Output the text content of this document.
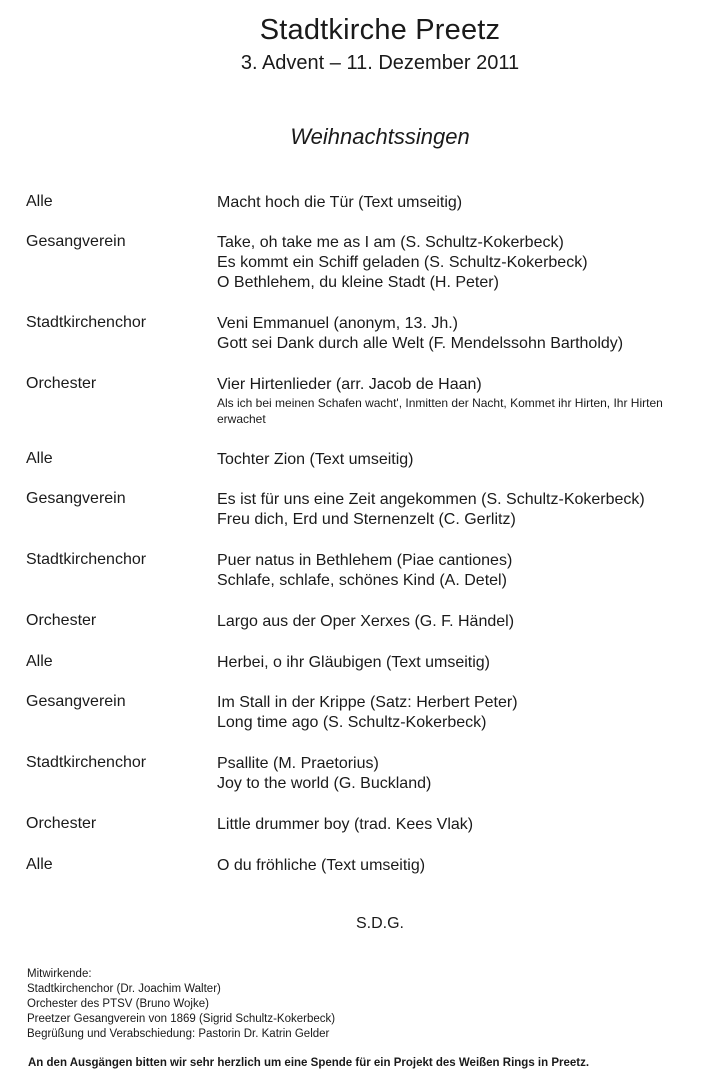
Stadtkirche Preetz
3. Advent – 11. Dezember 2011
Weihnachtssingen
Alle	Macht hoch die Tür (Text umseitig)
Gesangverein	Take, oh take me as I am (S. Schultz-Kokerbeck)
Es kommt ein Schiff geladen (S. Schultz-Kokerbeck)
O Bethlehem, du kleine Stadt (H. Peter)
Stadtkirchenchor	Veni Emmanuel (anonym, 13. Jh.)
Gott sei Dank durch alle Welt (F. Mendelssohn Bartholdy)
Orchester	Vier Hirtenlieder (arr. Jacob de Haan)
Als ich bei meinen Schafen wacht', Inmitten der Nacht, Kommet ihr Hirten, Ihr Hirten erwachet
Alle	Tochter Zion (Text umseitig)
Gesangverein	Es ist für uns eine Zeit angekommen (S. Schultz-Kokerbeck)
Freu dich, Erd und Sternenzelt (C. Gerlitz)
Stadtkirchenchor	Puer natus in Bethlehem (Piae cantiones)
Schlafe, schlafe, schönes Kind (A. Detel)
Orchester	Largo aus der Oper Xerxes (G. F. Händel)
Alle	Herbei, o ihr Gläubigen (Text umseitig)
Gesangverein	Im Stall in der Krippe (Satz: Herbert Peter)
Long time ago (S. Schultz-Kokerbeck)
Stadtkirchenchor	Psallite (M. Praetorius)
Joy to the world (G. Buckland)
Orchester	Little drummer boy (trad. Kees Vlak)
Alle	O du fröhliche (Text umseitig)
S.D.G.
Mitwirkende:
Stadtkirchenchor (Dr. Joachim Walter)
Orchester des PTSV (Bruno Wojke)
Preetzer Gesangverein von 1869 (Sigrid Schultz-Kokerbeck)
Begrüßung und Verabschiedung: Pastorin Dr. Katrin Gelder
An den Ausgängen bitten wir sehr herzlich um eine Spende für ein Projekt des Weißen Rings in Preetz.
